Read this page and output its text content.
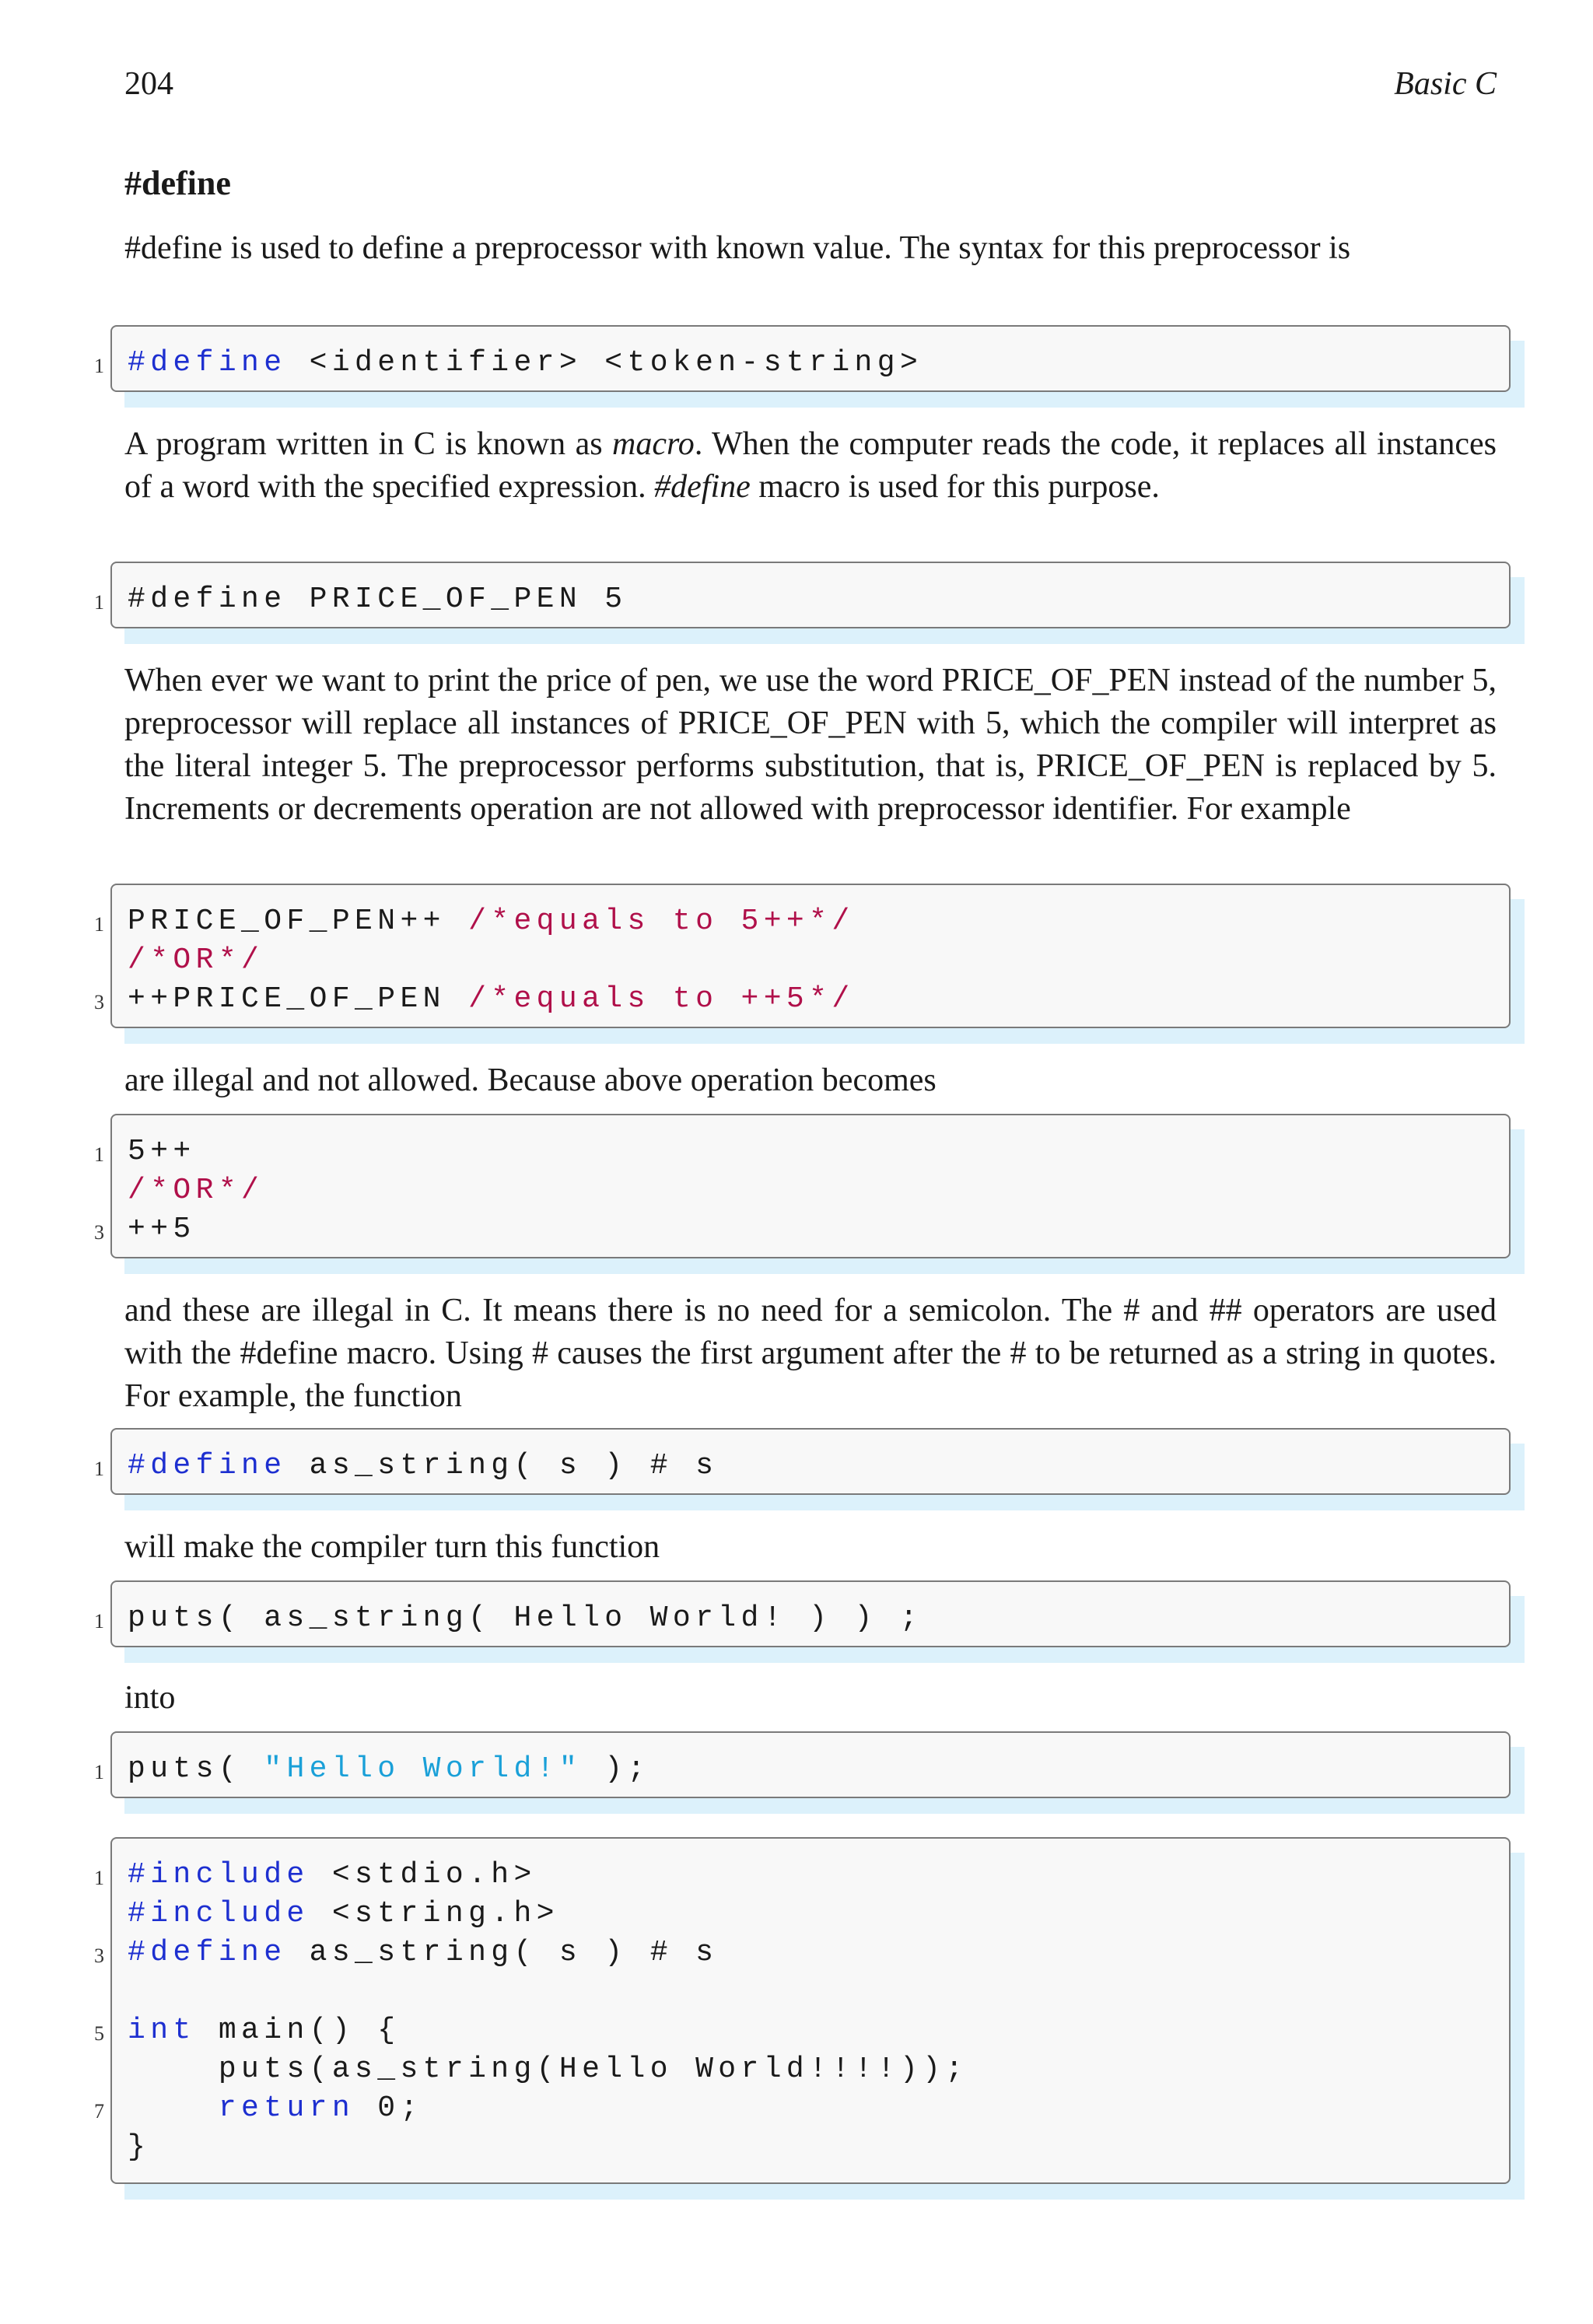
204	Basic C
#define

#define is used to define a preprocessor with known value. The syntax for this preprocessor is

1 #define <identifier> <token-string>

A program written in C is known as macro. When the computer reads the code, it replaces all instances of a word with the specified expression. #define macro is used for this purpose.

1 #define PRICE_OF_PEN 5

When ever we want to print the price of pen, we use the word PRICE_OF_PEN instead of the number 5, preprocessor will replace all instances of PRICE_OF_PEN with 5, which the compiler will interpret as the literal integer 5. The preprocessor performs substitution, that is, PRICE_OF_PEN is replaced by 5. Increments or decrements operation are not allowed with preprocessor identifier. For example

1 PRICE_OF_PEN++ /*equals to 5++*/
/*OR*/
3 ++PRICE_OF_PEN /*equals to ++5*/

are illegal and not allowed. Because above operation becomes

1 5++
/*OR*/
3 ++5

and these are illegal in C. It means there is no need for a semicolon. The # and ## operators are used with the #define macro. Using # causes the first argument after the # to be returned as a string in quotes. For example, the function

1 #define as_string( s ) # s

will make the compiler turn this function

1 puts( as_string( Hello World! ) ) ;

into

1 puts( "Hello World!" );
1 #include <stdio.h>
#include <string.h>
3 #define as_string( s ) # s
5 int main() {
puts(as_string(Hello World!!!!));
7	return 0;
}
